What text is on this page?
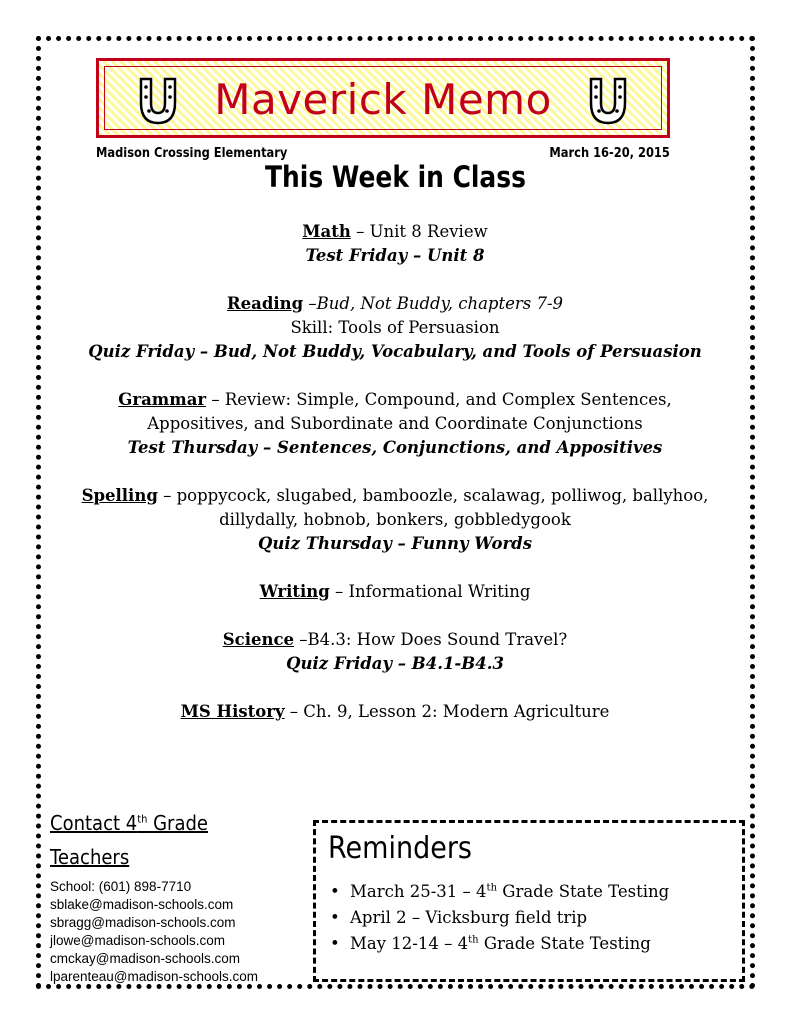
Maverick Memo
Madison Crossing Elementary	March 16-20, 2015
This Week in Class
Math – Unit 8 Review
Test Friday – Unit 8
Reading –Bud, Not Buddy, chapters 7-9
Skill: Tools of Persuasion
Quiz Friday – Bud, Not Buddy, Vocabulary, and Tools of Persuasion
Grammar – Review: Simple, Compound, and Complex Sentences, Appositives, and Subordinate and Coordinate Conjunctions
Test Thursday – Sentences, Conjunctions, and Appositives
Spelling – poppycock, slugabed, bamboozle, scalawag, polliwog, ballyhoo, dillydally, hobnob, bonkers, gobbledygook
Quiz Thursday – Funny Words
Writing – Informational Writing
Science –B4.3: How Does Sound Travel?
Quiz Friday – B4.1-B4.3
MS History – Ch. 9, Lesson 2: Modern Agriculture
Contact 4th Grade
Teachers
School: (601) 898-7710
sblake@madison-schools.com
sbragg@madison-schools.com
jlowe@madison-schools.com
cmckay@madison-schools.com
lparenteau@madison-schools.com
Reminders
• March 25-31 – 4th Grade State Testing
• April 2 – Vicksburg field trip
• May 12-14 – 4th Grade State Testing
